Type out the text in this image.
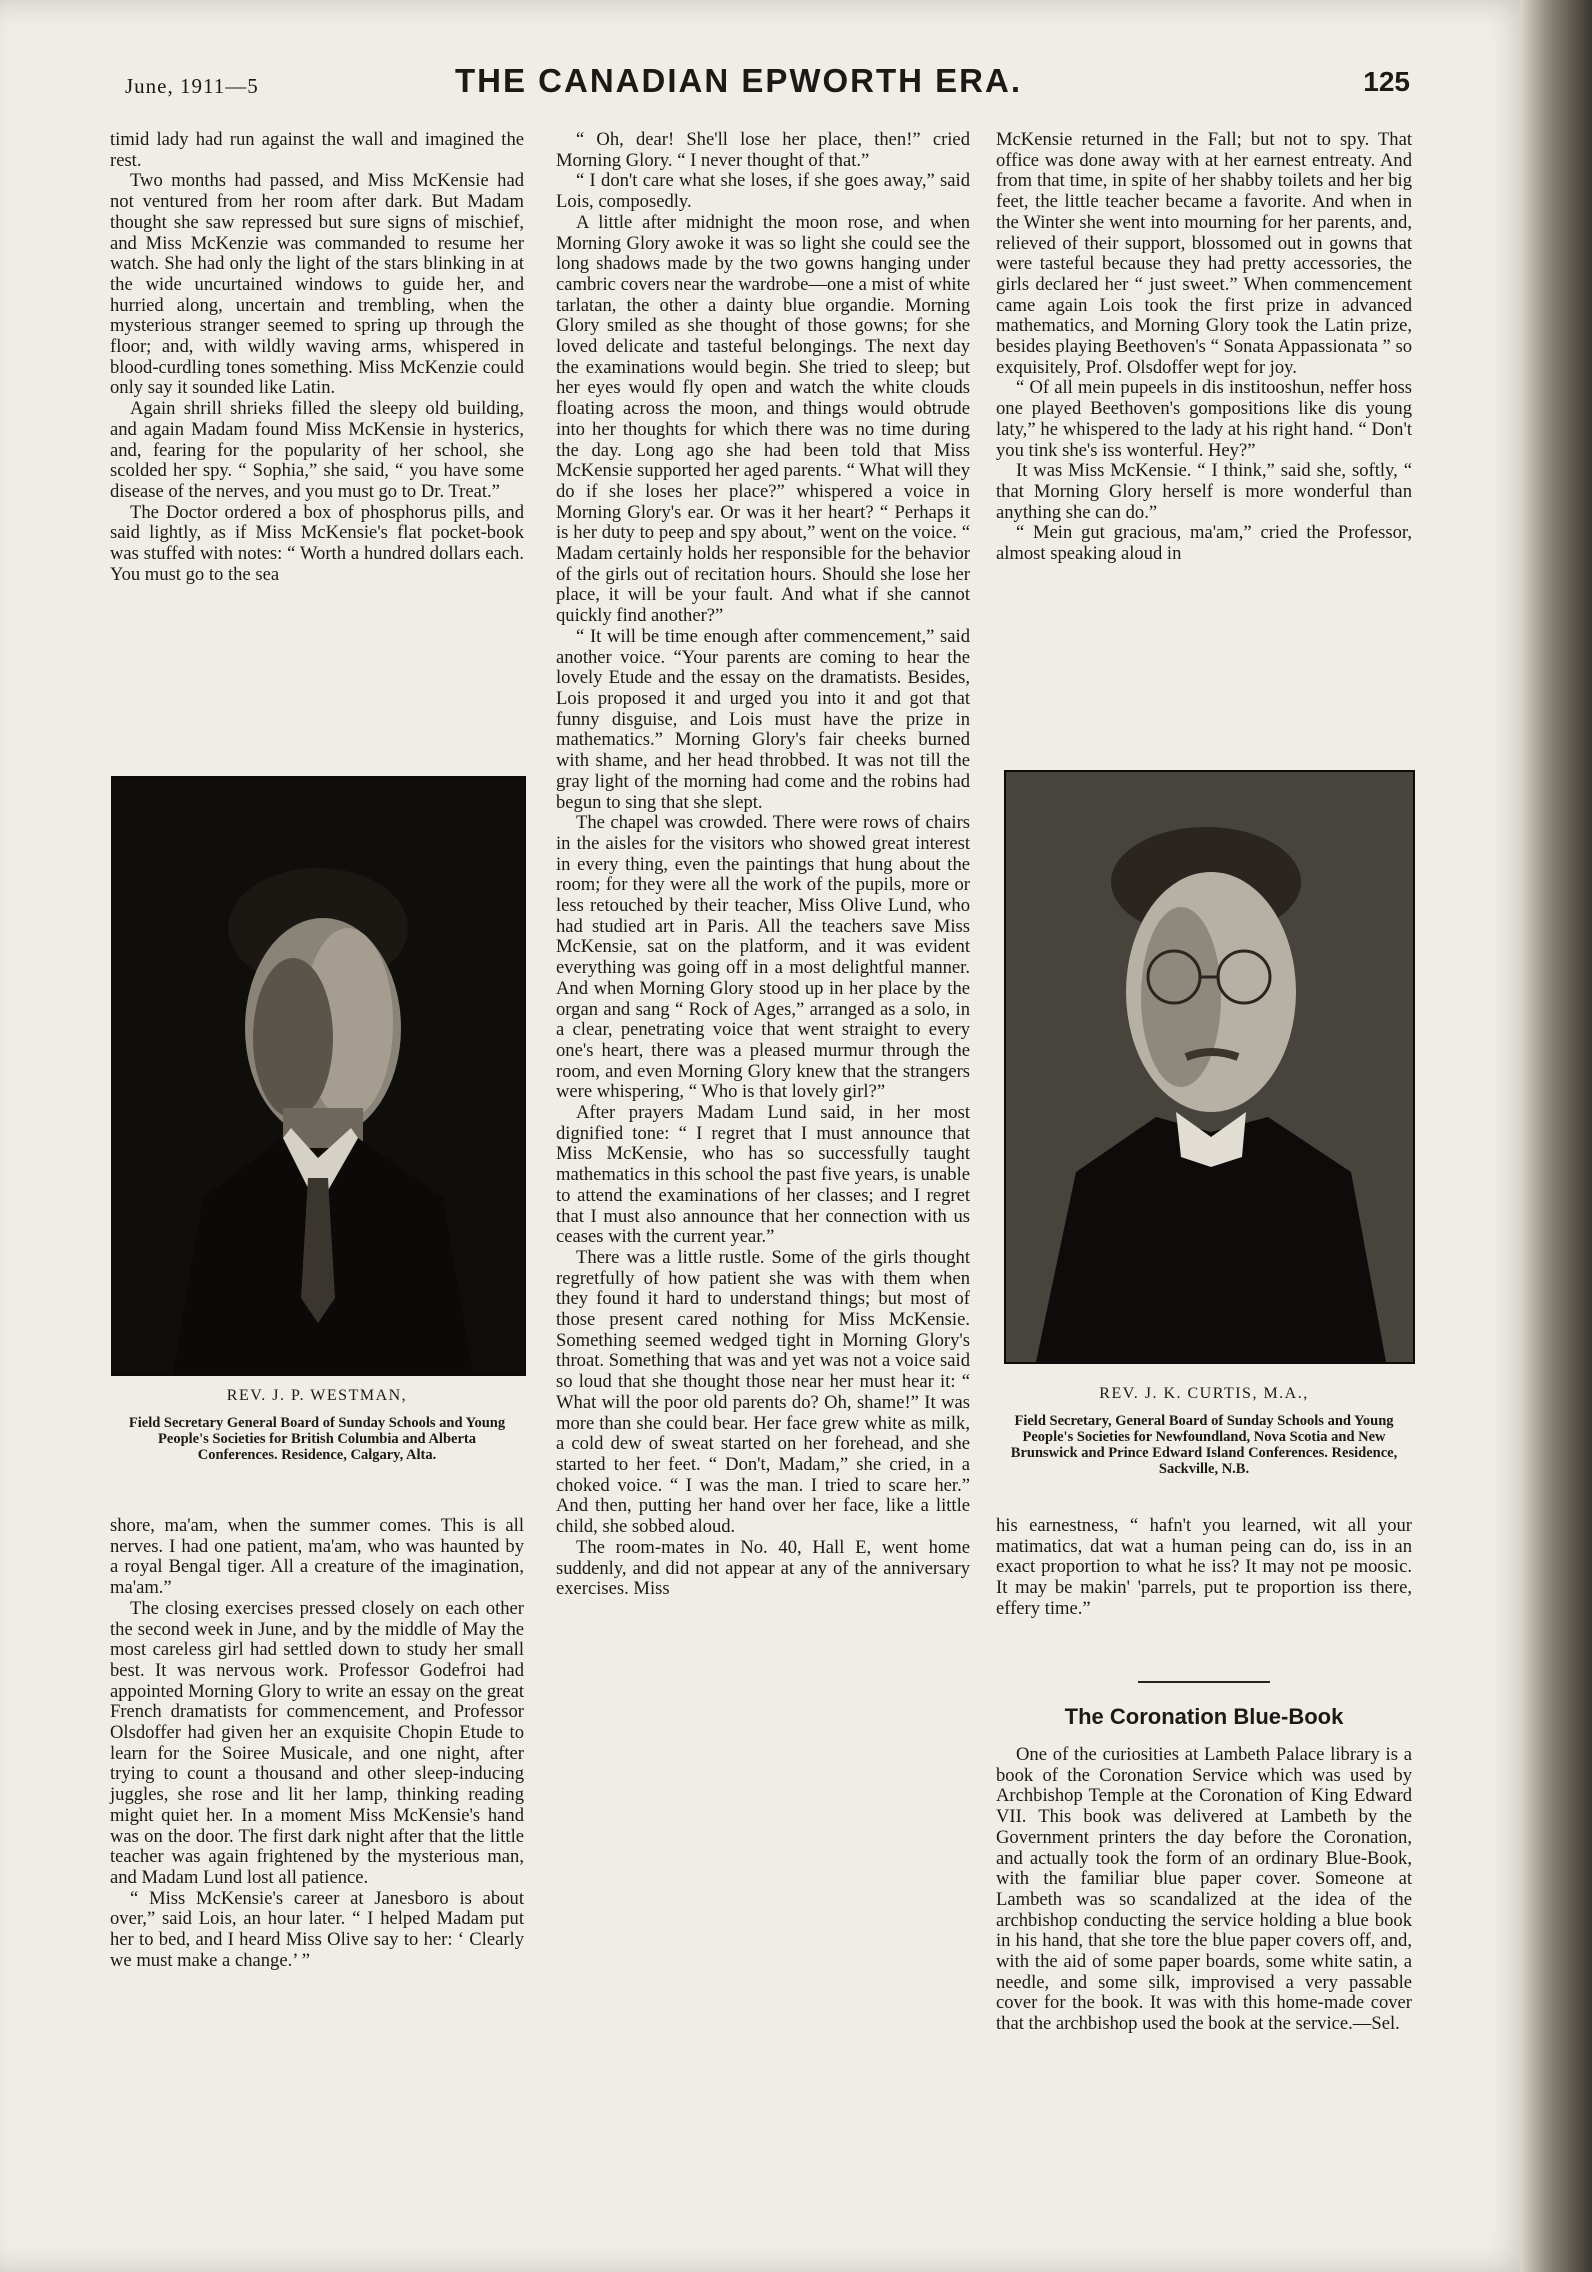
June, 1911—5	THE CANADIAN EPWORTH ERA.	125

timid lady had run against the wall and imagined the rest.

Two months had passed, and Miss McKensie had not ventured from her room after dark. But Madam thought she saw repressed but sure signs of mischief, and Miss McKenzie was commanded to resume her watch. She had only the light of the stars blinking in at the wide uncurtained windows to guide her, and hurried along, uncertain and trembling, when the mysterious stranger seemed to spring up through the floor; and, with wildly waving arms, whispered in blood-curdling tones something. Miss McKenzie could only say it sounded like Latin.

Again shrill shrieks filled the sleepy old building, and again Madam found Miss McKensie in hysterics, and, fearing for the popularity of her school, she scolded her spy. “ Sophia,” she said, “ you have some disease of the nerves, and you must go to Dr. Treat.”

The Doctor ordered a box of phosphorus pills, and said lightly, as if Miss McKensie's flat pocket-book was stuffed with notes: “ Worth a hundred dollars each. You must go to the sea

REV. J. P. WESTMAN,
Field Secretary General Board of Sunday Schools and Young People's Societies for British Columbia and Alberta Conferences. Residence, Calgary, Alta.

shore, ma'am, when the summer comes. This is all nerves. I had one patient, ma'am, who was haunted by a royal Bengal tiger. All a creature of the imagination, ma'am.”

The closing exercises pressed closely on each other the second week in June, and by the middle of May the most careless girl had settled down to study her small best. It was nervous work. Professor Godefroi had appointed Morning Glory to write an essay on the great French dramatists for commencement, and Professor Olsdoffer had given her an exquisite Chopin Etude to learn for the Soiree Musicale, and one night, after trying to count a thousand and other sleep-inducing juggles, she rose and lit her lamp, thinking reading might quiet her. In a moment Miss McKensie's hand was on the door. The first dark night after that the little teacher was again frightened by the mysterious man, and Madam Lund lost all patience.

“ Miss McKensie's career at Janesboro is about over,” said Lois, an hour later. “ I helped Madam put her to bed, and I heard Miss Olive say to her: ‘ Clearly we must make a change.’ ”

“ Oh, dear! She'll lose her place, then!” cried Morning Glory. “ I never thought of that.”

“ I don't care what she loses, if she goes away,” said Lois, composedly.

A little after midnight the moon rose, and when Morning Glory awoke it was so light she could see the long shadows made by the two gowns hanging under cambric covers near the wardrobe—one a mist of white tarlatan, the other a dainty blue organdie. Morning Glory smiled as she thought of those gowns; for she loved delicate and tasteful belongings. The next day the examinations would begin. She tried to sleep; but her eyes would fly open and watch the white clouds floating across the moon, and things would obtrude into her thoughts for which there was no time during the day. Long ago she had been told that Miss McKensie supported her aged parents. “ What will they do if she loses her place?” whispered a voice in Morning Glory's ear. Or was it her heart? “ Perhaps it is her duty to peep and spy about,” went on the voice. “ Madam certainly holds her responsible for the behavior of the girls out of recitation hours. Should she lose her place, it will be your fault. And what if she cannot quickly find another?”

“ It will be time enough after commencement,” said another voice. “Your parents are coming to hear the lovely Etude and the essay on the dramatists. Besides, Lois proposed it and urged you into it and got that funny disguise, and Lois must have the prize in mathematics.” Morning Glory's fair cheeks burned with shame, and her head throbbed. It was not till the gray light of the morning had come and the robins had begun to sing that she slept.

The chapel was crowded. There were rows of chairs in the aisles for the visitors who showed great interest in every thing, even the paintings that hung about the room; for they were all the work of the pupils, more or less retouched by their teacher, Miss Olive Lund, who had studied art in Paris. All the teachers save Miss McKensie, sat on the platform, and it was evident everything was going off in a most delightful manner. And when Morning Glory stood up in her place by the organ and sang “ Rock of Ages,” arranged as a solo, in a clear, penetrating voice that went straight to every one's heart, there was a pleased murmur through the room, and even Morning Glory knew that the strangers were whispering, “ Who is that lovely girl?”

After prayers Madam Lund said, in her most dignified tone: “ I regret that I must announce that Miss McKensie, who has so successfully taught mathematics in this school the past five years, is unable to attend the examinations of her classes; and I regret that I must also announce that her connection with us ceases with the current year.”

There was a little rustle. Some of the girls thought regretfully of how patient she was with them when they found it hard to understand things; but most of those present cared nothing for Miss McKensie. Something seemed wedged tight in Morning Glory's throat. Something that was and yet was not a voice said so loud that she thought those near her must hear it: “ What will the poor old parents do? Oh, shame!” It was more than she could bear. Her face grew white as milk, a cold dew of sweat started on her forehead, and she started to her feet. “ Don't, Madam,” she cried, in a choked voice. “ I was the man. I tried to scare her.” And then, putting her hand over her face, like a little child, she sobbed aloud.

The room-mates in No. 40, Hall E, went home suddenly, and did not appear at any of the anniversary exercises. Miss

McKensie returned in the Fall; but not to spy. That office was done away with at her earnest entreaty. And from that time, in spite of her shabby toilets and her big feet, the little teacher became a favorite. And when in the Winter she went into mourning for her parents, and, relieved of their support, blossomed out in gowns that were tasteful because they had pretty accessories, the girls declared her “ just sweet.” When commencement came again Lois took the first prize in advanced mathematics, and Morning Glory took the Latin prize, besides playing Beethoven's “ Sonata Appassionata ” so exquisitely, Prof. Olsdoffer wept for joy.

“ Of all mein pupeels in dis institooshun, neffer hoss one played Beethoven's gompositions like dis young laty,” he whispered to the lady at his right hand. “ Don't you tink she's iss wonterful. Hey?”

It was Miss McKensie. “ I think,” said she, softly, “ that Morning Glory herself is more wonderful than anything she can do.”

“ Mein gut gracious, ma'am,” cried the Professor, almost speaking aloud in

REV. J. K. CURTIS, M.A.,
Field Secretary, General Board of Sunday Schools and Young People's Societies for Newfoundland, Nova Scotia and New Brunswick and Prince Edward Island Conferences. Residence, Sackville, N.B.

his earnestness, “ hafn't you learned, wit all your matimatics, dat wat a human peing can do, iss in an exact proportion to what he iss? It may not pe moosic. It may be makin' 'parrels, put te proportion iss there, effery time.”

The Coronation Blue-Book

One of the curiosities at Lambeth Palace library is a book of the Coronation Service which was used by Archbishop Temple at the Coronation of King Edward VII. This book was delivered at Lambeth by the Government printers the day before the Coronation, and actually took the form of an ordinary Blue-Book, with the familiar blue paper cover. Someone at Lambeth was so scandalized at the idea of the archbishop conducting the service holding a blue book in his hand, that she tore the blue paper covers off, and, with the aid of some paper boards, some white satin, a needle, and some silk, improvised a very passable cover for the book. It was with this home-made cover that the archbishop used the book at the service.—Sel.
